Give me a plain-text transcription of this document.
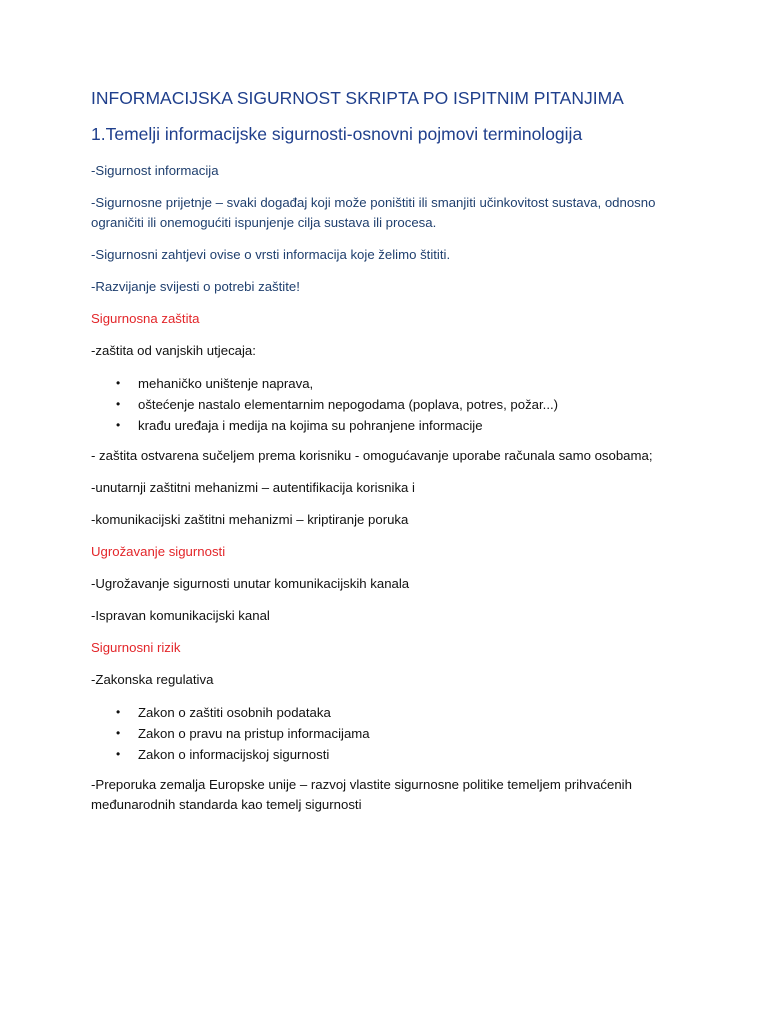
INFORMACIJSKA SIGURNOST SKRIPTA PO ISPITNIM PITANJIMA
1.Temelji informacijske sigurnosti-osnovni pojmovi terminologija
-Sigurnost informacija
-Sigurnosne prijetnje – svaki događaj koji može poništiti ili smanjiti učinkovitost sustava, odnosno ograničiti ili onemogućiti ispunjenje cilja sustava ili procesa.
-Sigurnosni zahtjevi ovise o vrsti informacija koje želimo štititi.
-Razvijanje svijesti o potrebi zaštite!
Sigurnosna zaštita
-zaštita od vanjskih utjecaja:
• mehaničko uništenje naprava,
• oštećenje nastalo elementarnim nepogodama (poplava, potres, požar...)
• krađu uređaja i medija na kojima su pohranjene informacije
- zaštita ostvarena sučeljem prema korisniku - omogućavanje uporabe računala samo osobama;
-unutarnji zaštitni mehanizmi – autentifikacija korisnika i
-komunikacijski zaštitni mehanizmi – kriptiranje poruka
Ugrožavanje sigurnosti
-Ugrožavanje sigurnosti unutar komunikacijskih kanala
-Ispravan komunikacijski kanal
Sigurnosni rizik
-Zakonska regulativa
• Zakon o zaštiti osobnih podataka
• Zakon o pravu na pristup informacijama
• Zakon o informacijskoj sigurnosti
-Preporuka zemalja Europske unije – razvoj vlastite sigurnosne politike temeljem prihvaćenih međunarodnih standarda kao temelj sigurnosti
